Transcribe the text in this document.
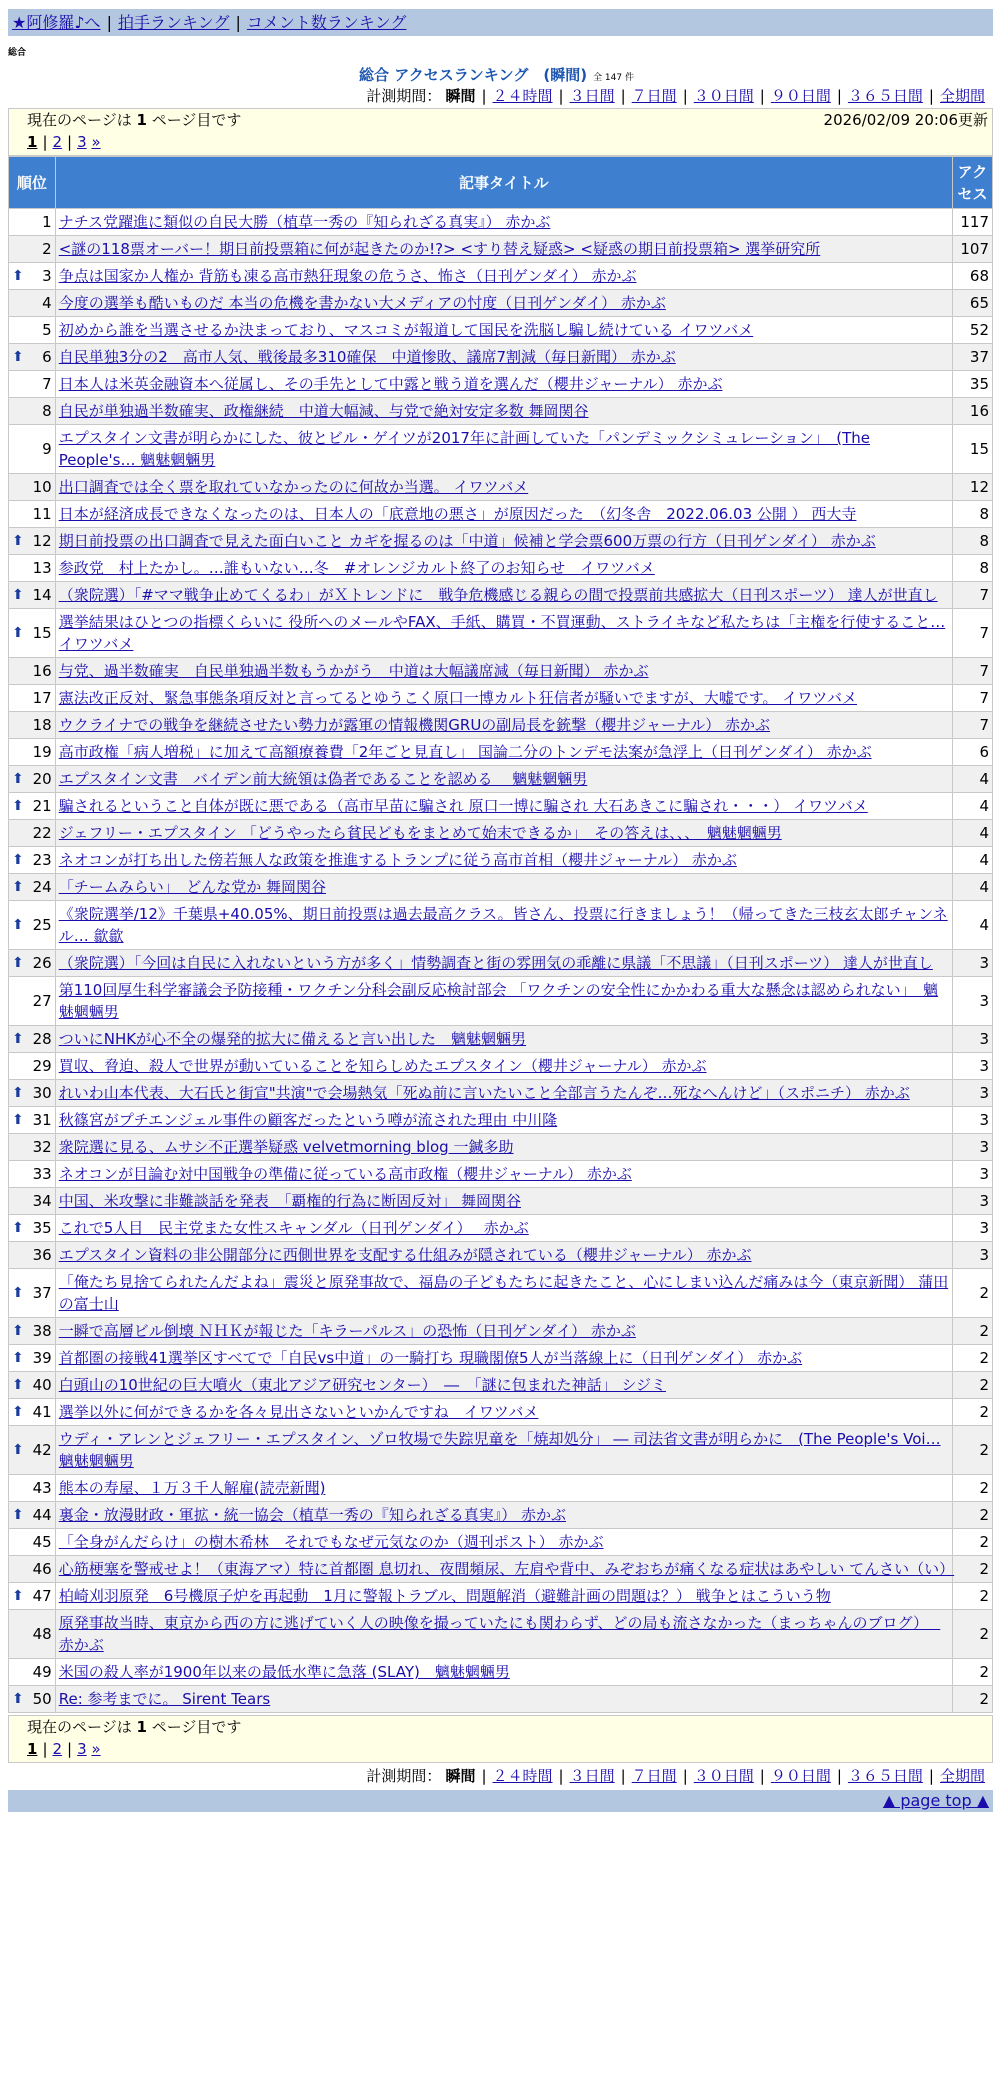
★阿修羅♪へ | 拍手ランキング | コメント数ランキング
総合
総合 アクセスランキング　(瞬間) 全 147 件
計測期間： 瞬間 | ２４時間 | ３日間 | ７日間 | ３０日間 | ９０日間 | ３６５日間 | 全期間
現在のページは 1 ページ目です	2026/02/09 20:06更新
1 | 2 | 3 »
順位	記事タイトル	アクセス
1	ナチス党躍進に類似の自民大勝（植草一秀の『知られざる真実』） 赤かぶ	117
2	<謎の118票オーバー！期日前投票箱に何が起きたのか!?> <すり替え疑惑> <疑惑の期日前投票箱> 選挙研究所	107

⬆ 3	争点は国家か人権か 背筋も凍る高市熱狂現象の危うさ、怖さ（日刊ゲンダイ） 赤かぶ	68
4	今度の選挙も酷いものだ 本当の危機を書かない大メディアの忖度（日刊ゲンダイ） 赤かぶ	65
5	初めから誰を当選させるか決まっており、マスコミが報道して国民を洗脳し騙し続けている イワツバメ	52

⬆ 6	自民単独3分の2　高市人気、戦後最多310確保　中道惨敗、議席7割減（毎日新聞） 赤かぶ	37
7	日本人は米英金融資本へ従属し、その手先として中露と戦う道を選んだ（櫻井ジャーナル） 赤かぶ	35
8	自民が単独過半数確実、政権継続　中道大幅減、与党で絶対安定多数 舞岡関谷	16
9	エプスタイン文書が明らかにした、彼とビル・ゲイツが2017年に計画していた「パンデミックシミュレーション」　(The People's… 魑魅魍魎男	15
10	出口調査では全く票を取れていなかったのに何故か当選。 イワツバメ	12
11	日本が経済成長できなくなったのは、日本人の「底意地の悪さ」が原因だった　（幻冬舎　2022.06.03 公開 ） 西大寺	8

⬆ 12	期日前投票の出口調査で見えた面白いこと カギを握るのは「中道」候補と学会票600万票の行方（日刊ゲンダイ） 赤かぶ	8
13	参政党　村上たかし。…誰もいない…冬　#オレンジカルト終了のお知らせ　イワツバメ	8

⬆ 14	（衆院選）「#ママ戦争止めてくるわ」がＸトレンドに　戦争危機感じる親らの間で投票前共感拡大（日刊スポーツ） 達人が世直し	7

⬆ 15	選挙結果はひとつの指標くらいに 役所へのメールやFAX、手紙、購買・不買運動、ストライキなど私たちは「主権を行使すること… イワツバメ	7
16	与党、過半数確実　自民単独過半数もうかがう　中道は大幅議席減（毎日新聞） 赤かぶ	7
17	憲法改正反対、緊急事態条項反対と言ってるとゆうこく原口一博カルト狂信者が騒いでますが、大嘘です。 イワツバメ	7
18	ウクライナでの戦争を継続させたい勢力が露軍の情報機関GRUの副局長を銃撃（櫻井ジャーナル） 赤かぶ	7
19	高市政権「病人増税」に加えて高額療養費「2年ごと見直し」 国論二分のトンデモ法案が急浮上（日刊ゲンダイ） 赤かぶ	6

⬆ 20	エプスタイン文書　バイデン前大統領は偽者であることを認める　 魑魅魍魎男	4

⬆ 21	騙されるということ自体が既に悪である（高市早苗に騙され 原口一博に騙され 大石あきこに騙され・・・） イワツバメ	4
22	ジェフリー・エプスタイン 「どうやったら貧民どもをまとめて始末できるか」　その答えは、、、　魑魅魍魎男	4

⬆ 23	ネオコンが打ち出した傍若無人な政策を推進するトランプに従う高市首相（櫻井ジャーナル） 赤かぶ	4

⬆ 24	「チームみらい」　どんな党か 舞岡関谷	4

⬆ 25	《衆院選挙/12》千葉県+40.05%、期日前投票は過去最高クラス。皆さん、投票に行きましょう！（帰ってきた三枝玄太郎チャンネル… 歙歙	4

⬆ 26	（衆院選）「今回は自民に入れないという方が多く」情勢調査と街の雰囲気の乖離に県議「不思議」（日刊スポーツ） 達人が世直し	3
27	第110回厚生科学審議会予防接種・ワクチン分科会副反応検討部会 「ワクチンの安全性にかかわる重大な懸念は認められない」　魑魅魍魎男	3

⬆ 28	ついにNHKが心不全の爆発的拡大に備えると言い出した　魑魅魍魎男	3
29	買収、脅迫、殺人で世界が動いていることを知らしめたエプスタイン（櫻井ジャーナル） 赤かぶ	3

⬆ 30	れいわ山本代表、大石氏と街宣"共演"で会場熱気「死ぬ前に言いたいこと全部言うたんぞ…死なへんけど」（スポニチ） 赤かぶ	3

⬆ 31	秋篠宮がプチエンジェル事件の顧客だったという噂が流された理由 中川隆	3
32	衆院選に見る、ムサシ不正選挙疑惑 velvetmorning blog 一鍼多助	3
33	ネオコンが目論む対中国戦争の準備に従っている高市政権（櫻井ジャーナル） 赤かぶ	3
34	中国、米攻撃に非難談話を発表　「覇権的行為に断固反対」 舞岡関谷	3

⬆ 35	これで5人目　民主党また女性スキャンダル（日刊ゲンダイ）　 赤かぶ	3
36	エプスタイン資料の非公開部分に西側世界を支配する仕組みが隠されている（櫻井ジャーナル） 赤かぶ	3

⬆ 37	「俺たち見捨てられたんだよね」震災と原発事故で、福島の子どもたちに起きたこと、心にしまい込んだ痛みは今（東京新聞） 蒲田の富士山	2

⬆ 38	一瞬で高層ビル倒壊 ＮＨＫが報じた「キラーパルス」の恐怖（日刊ゲンダイ） 赤かぶ	2

⬆ 39	首都圏の接戦41選挙区すべてで「自民vs中道」の一騎打ち 現職閣僚5人が当落線上に（日刊ゲンダイ） 赤かぶ	2

⬆ 40	白頭山の10世紀の巨大噴火（東北アジア研究センター）　―　「謎に包まれた神話」 シジミ	2

⬆ 41	選挙以外に何ができるかを各々見出さないといかんですね　イワツバメ	2

⬆ 42	ウディ・アレンとジェフリー・エプスタイン、ゾロ牧場で失踪児童を「焼却処分」 ― 司法省文書が明らかに　(The People's Voi… 魑魅魍魎男	2
43	熊本の寿屋、１万３千人解雇(読売新聞)	2

⬆ 44	裏金・放漫財政・軍拡・統一協会（植草一秀の『知られざる真実』） 赤かぶ	2
45	「全身がんだらけ」の樹木希林　それでもなぜ元気なのか（週刊ポスト） 赤かぶ	2
46	心筋梗塞を警戒せよ！（東海アマ）特に首都圏 息切れ、夜間頻尿、左肩や背中、みぞおちが痛くなる症状はあやしい てんさい（い）	2

⬆ 47	柏崎刈羽原発　6号機原子炉を再起動　1月に警報トラブル、問題解消（避難計画の問題は？） 戦争とはこういう物	2
48	原発事故当時、東京から西の方に逃げていく人の映像を撮っていたにも関わらず、どの局も流さなかった（まっちゃんのブログ）　 赤かぶ	2
49	米国の殺人率が1900年以来の最低水準に急落 (SLAY)　魑魅魍魎男	2

⬆ 50	Re: 参考までに。 Sirent Tears	2
現在のページは 1 ページ目です
1 | 2 | 3 »
計測期間： 瞬間 | ２４時間 | ３日間 | ７日間 | ３０日間 | ９０日間 | ３６５日間 | 全期間
▲ page top ▲
